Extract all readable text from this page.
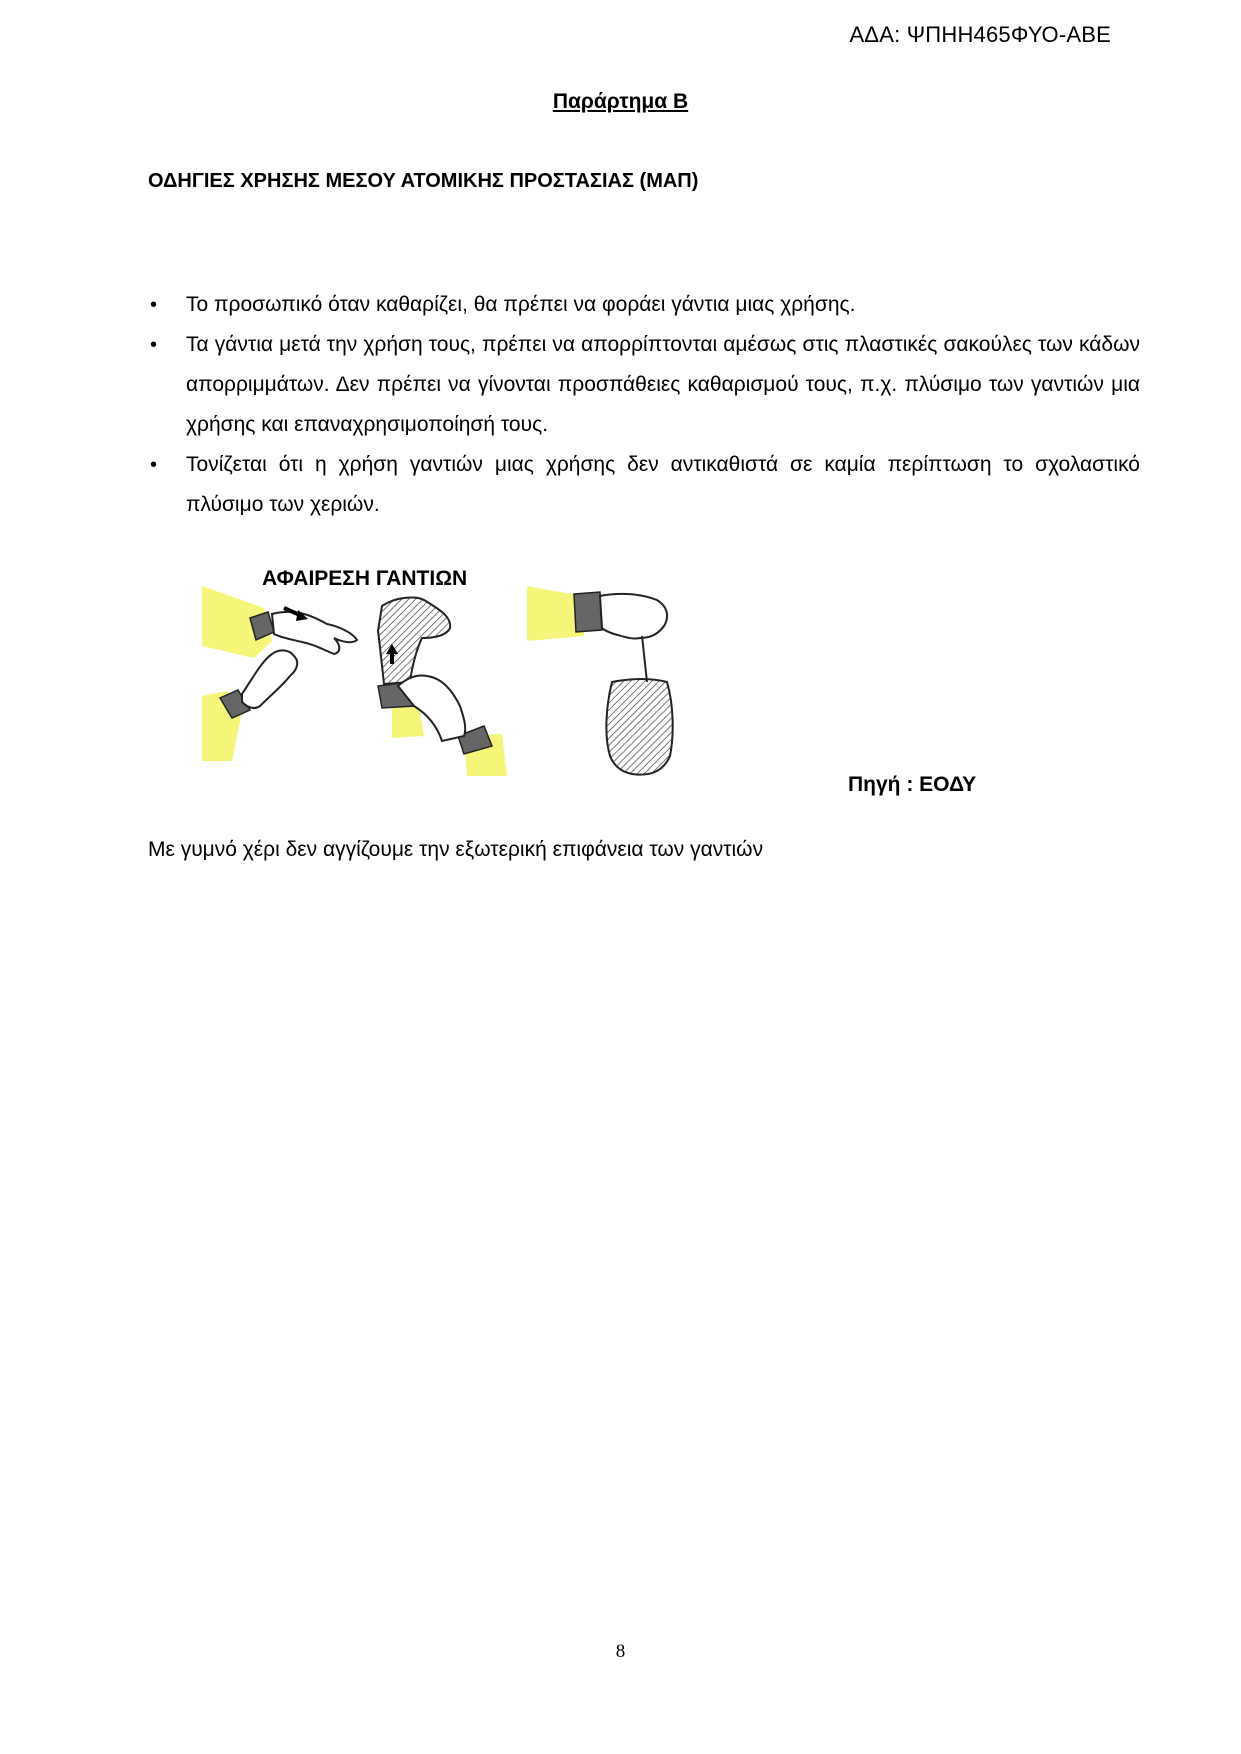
ΑΔΑ: ΨΠΗΗ465ΦΥΟ-ΑΒΕ
Παράρτημα Β
ΟΔΗΓΙΕΣ ΧΡΗΣΗΣ ΜΕΣΟΥ ΑΤΟΜΙΚΗΣ ΠΡΟΣΤΑΣΙΑΣ (ΜΑΠ)
• Το προσωπικό όταν καθαρίζει, θα πρέπει να φοράει γάντια μιας χρήσης.
• Τα γάντια μετά την χρήση τους, πρέπει να απορρίπτονται αμέσως στις πλαστικές σακούλες των κάδων απορριμμάτων. Δεν πρέπει να γίνονται προσπάθειες καθαρισμού τους, π.χ. πλύσιμο των γαντιών μια χρήσης και επαναχρησιμοποίησή τους.
• Τονίζεται ότι η χρήση γαντιών μιας χρήσης δεν αντικαθιστά σε καμία περίπτωση το σχολαστικό πλύσιμο των χεριών.
ΑΦΑΙΡΕΣΗ ΓΑΝΤΙΩΝ
Πηγή : ΕΟΔΥ
Με γυμνό χέρι δεν αγγίζουμε την εξωτερική επιφάνεια των γαντιών
8
